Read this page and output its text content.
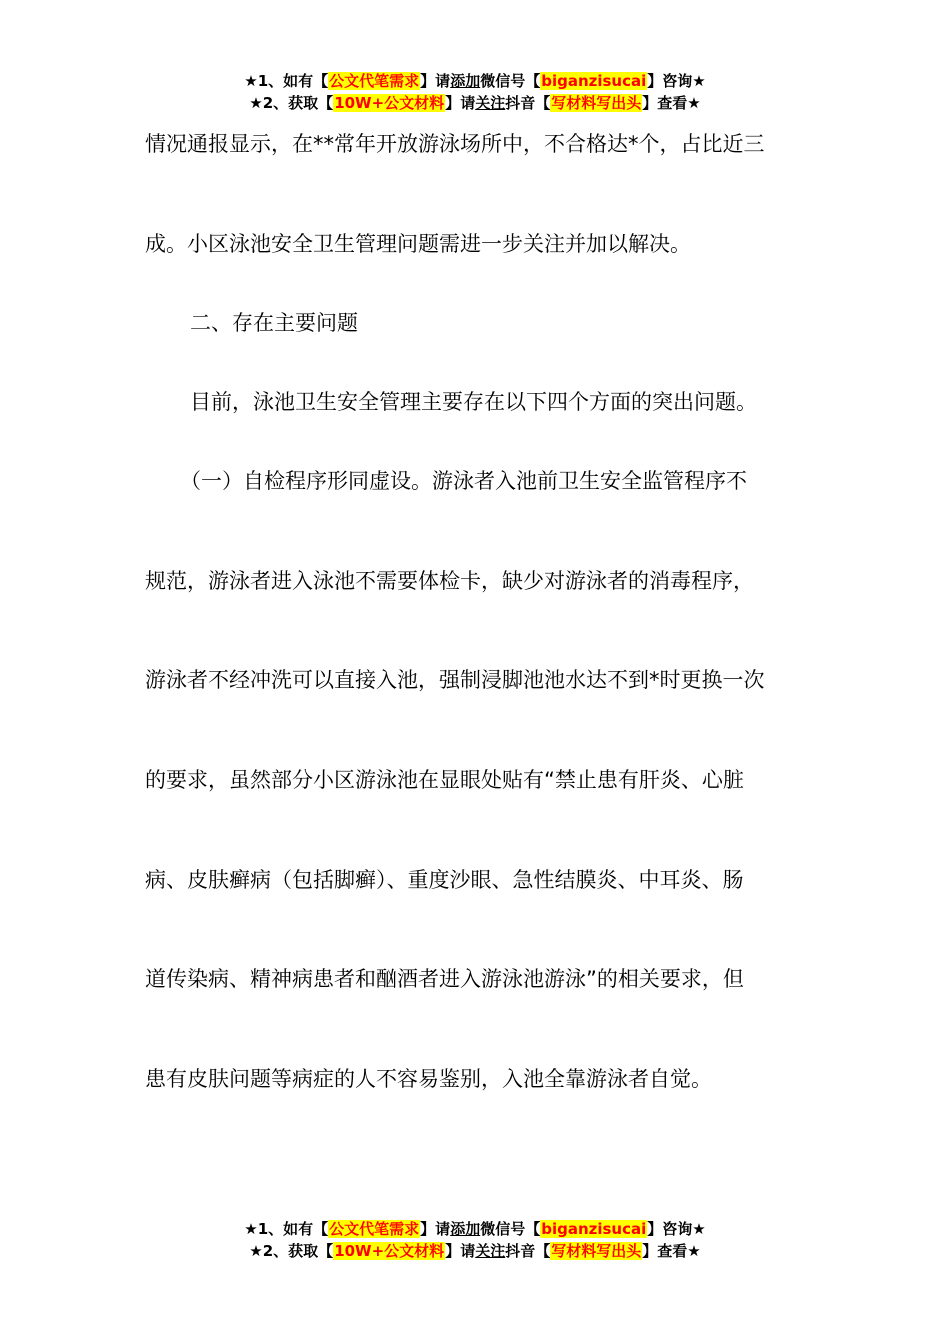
★1、如有【公文代笔需求】请添加微信号【biganzisucai】咨询★
★2、获取【10W+公文材料】请关注抖音【写材料写出头】查看★
情况通报显示，在**常年开放游泳场所中，不合格达*个，占比近三
成。小区泳池安全卫生管理问题需进一步关注并加以解决。
二、存在主要问题
目前，泳池卫生安全管理主要存在以下四个方面的突出问题。
（一）自检程序形同虚设。游泳者入池前卫生安全监管程序不
规范，游泳者进入泳池不需要体检卡，缺少对游泳者的消毒程序，
游泳者不经冲洗可以直接入池，强制浸脚池池水达不到*时更换一次
的要求，虽然部分小区游泳池在显眼处贴有“禁止患有肝炎、心脏
病、皮肤癣病（包括脚癣）、重度沙眼、急性结膜炎、中耳炎、肠
道传染病、精神病患者和酗酒者进入游泳池游泳”的相关要求，但
患有皮肤问题等病症的人不容易鉴别，入池全靠游泳者自觉。
★1、如有【公文代笔需求】请添加微信号【biganzisucai】咨询★
★2、获取【10W+公文材料】请关注抖音【写材料写出头】查看★
